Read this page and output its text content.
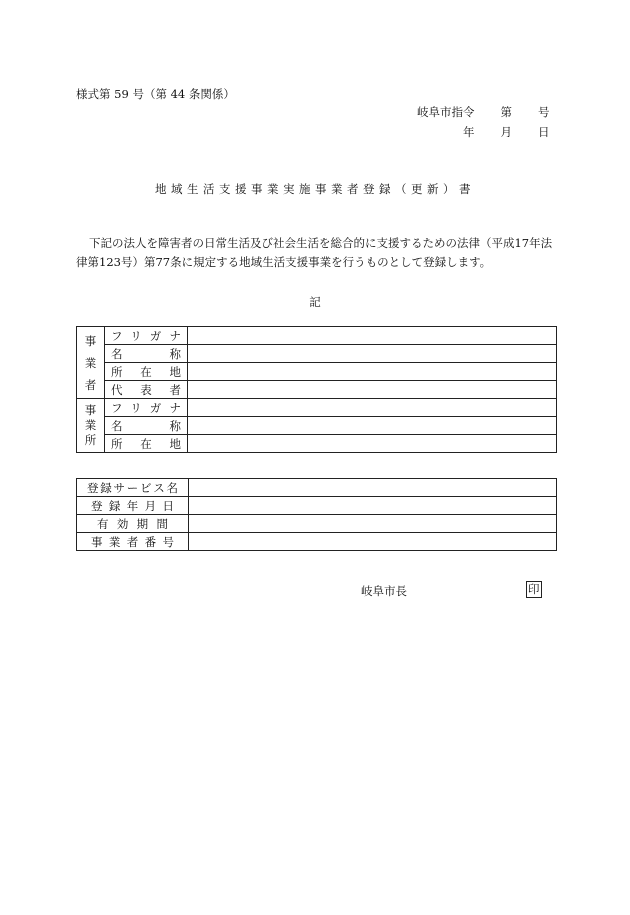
様式第 59 号（第 44 条関係）
岐阜市指令 第 号
年 月 日
地域生活支援事業実施事業者登録（更新）書
下記の法人を障害者の日常生活及び社会生活を総合的に支援するための法律（平成17年法律第123号）第77条に規定する地域生活支援事業を行うものとして登録します。
記
事業者	フリガナ	
	名称	
	所在地	
	代表者	
事業所	フリガナ	
	名称	
	所在地	
登録サービス名	
登録年月日	
有効期間	
事業者番号	
岐阜市長	印
